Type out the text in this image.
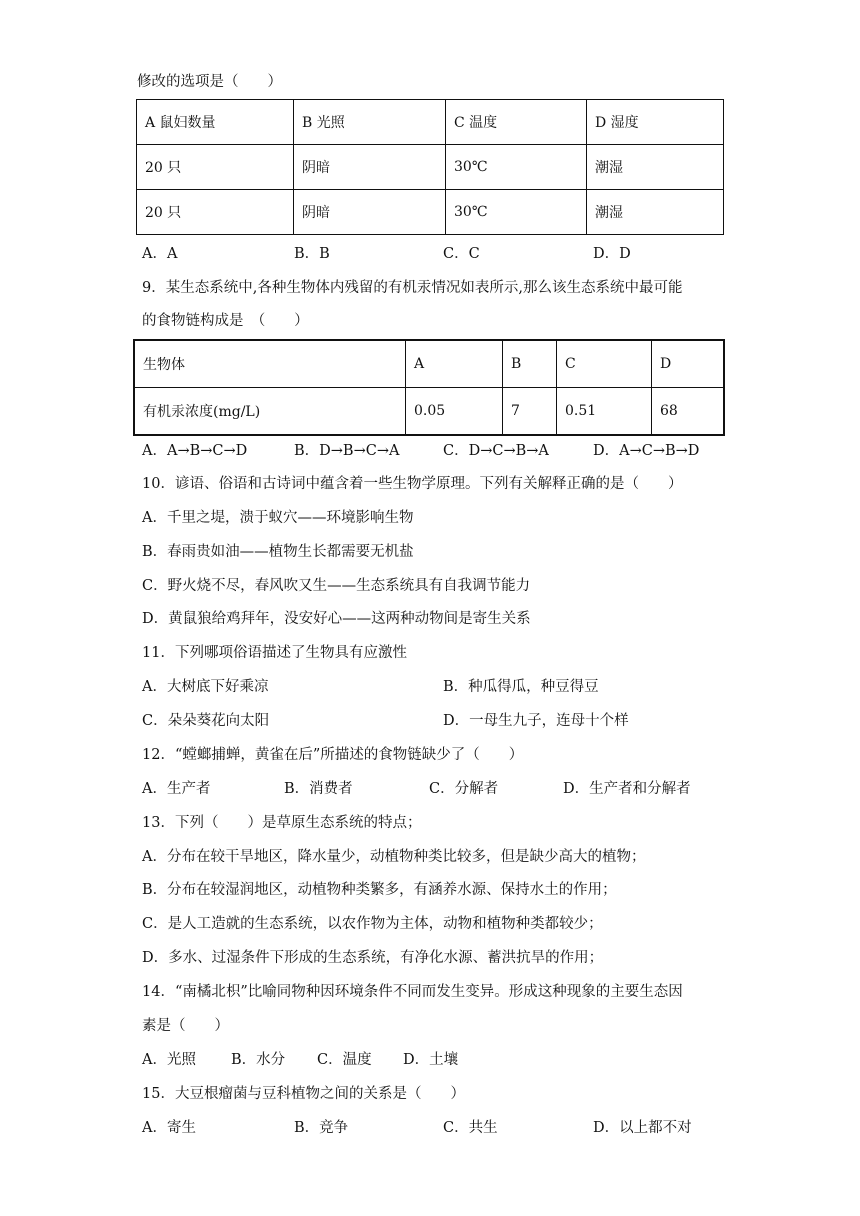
修改的选项是（　　）
A 鼠妇数量	B 光照	C 温度	D 湿度
20 只	阴暗	30℃	潮湿
20 只	阴暗	30℃	潮湿
A．A	B．B	C．C	D．D
9．某生态系统中,各种生物体内残留的有机汞情况如表所示,那么该生态系统中最可能
的食物链构成是　（　　）
生物体	A	B	C	D
有机汞浓度(mg/L)	0.05	7	0.51	68
A．A→B→C→D	B．D→B→C→A	C．D→C→B→A	D．A→C→B→D
10．谚语、俗语和古诗词中蕴含着一些生物学原理。下列有关解释正确的是（　　）
A．千里之堤，溃于蚁穴——环境影响生物
B．春雨贵如油——植物生长都需要无机盐
C．野火烧不尽，春风吹又生——生态系统具有自我调节能力
D．黄鼠狼给鸡拜年，没安好心——这两种动物间是寄生关系
11．下列哪项俗语描述了生物具有应激性
A．大树底下好乘凉	B．种瓜得瓜，种豆得豆
C．朵朵葵花向太阳	D．一母生九子，连母十个样
12．“螳螂捕蝉，黄雀在后”所描述的食物链缺少了（　　）
A．生产者	B．消费者	C．分解者	D．生产者和分解者
13．下列（　　）是草原生态系统的特点；
A．分布在较干旱地区，降水量少，动植物种类比较多，但是缺少高大的植物；
B．分布在较湿润地区，动植物种类繁多，有涵养水源、保持水土的作用；
C．是人工造就的生态系统，以农作物为主体，动物和植物种类都较少；
D．多水、过湿条件下形成的生态系统，有净化水源、蓄洪抗旱的作用；
14．“南橘北枳”比喻同物种因环境条件不同而发生变异。形成这种现象的主要生态因
素是（　　）
A．光照 B．水分 C．温度 D．土壤
15．大豆根瘤菌与豆科植物之间的关系是（　　）
A．寄生	B．竞争	C．共生	D．以上都不对
